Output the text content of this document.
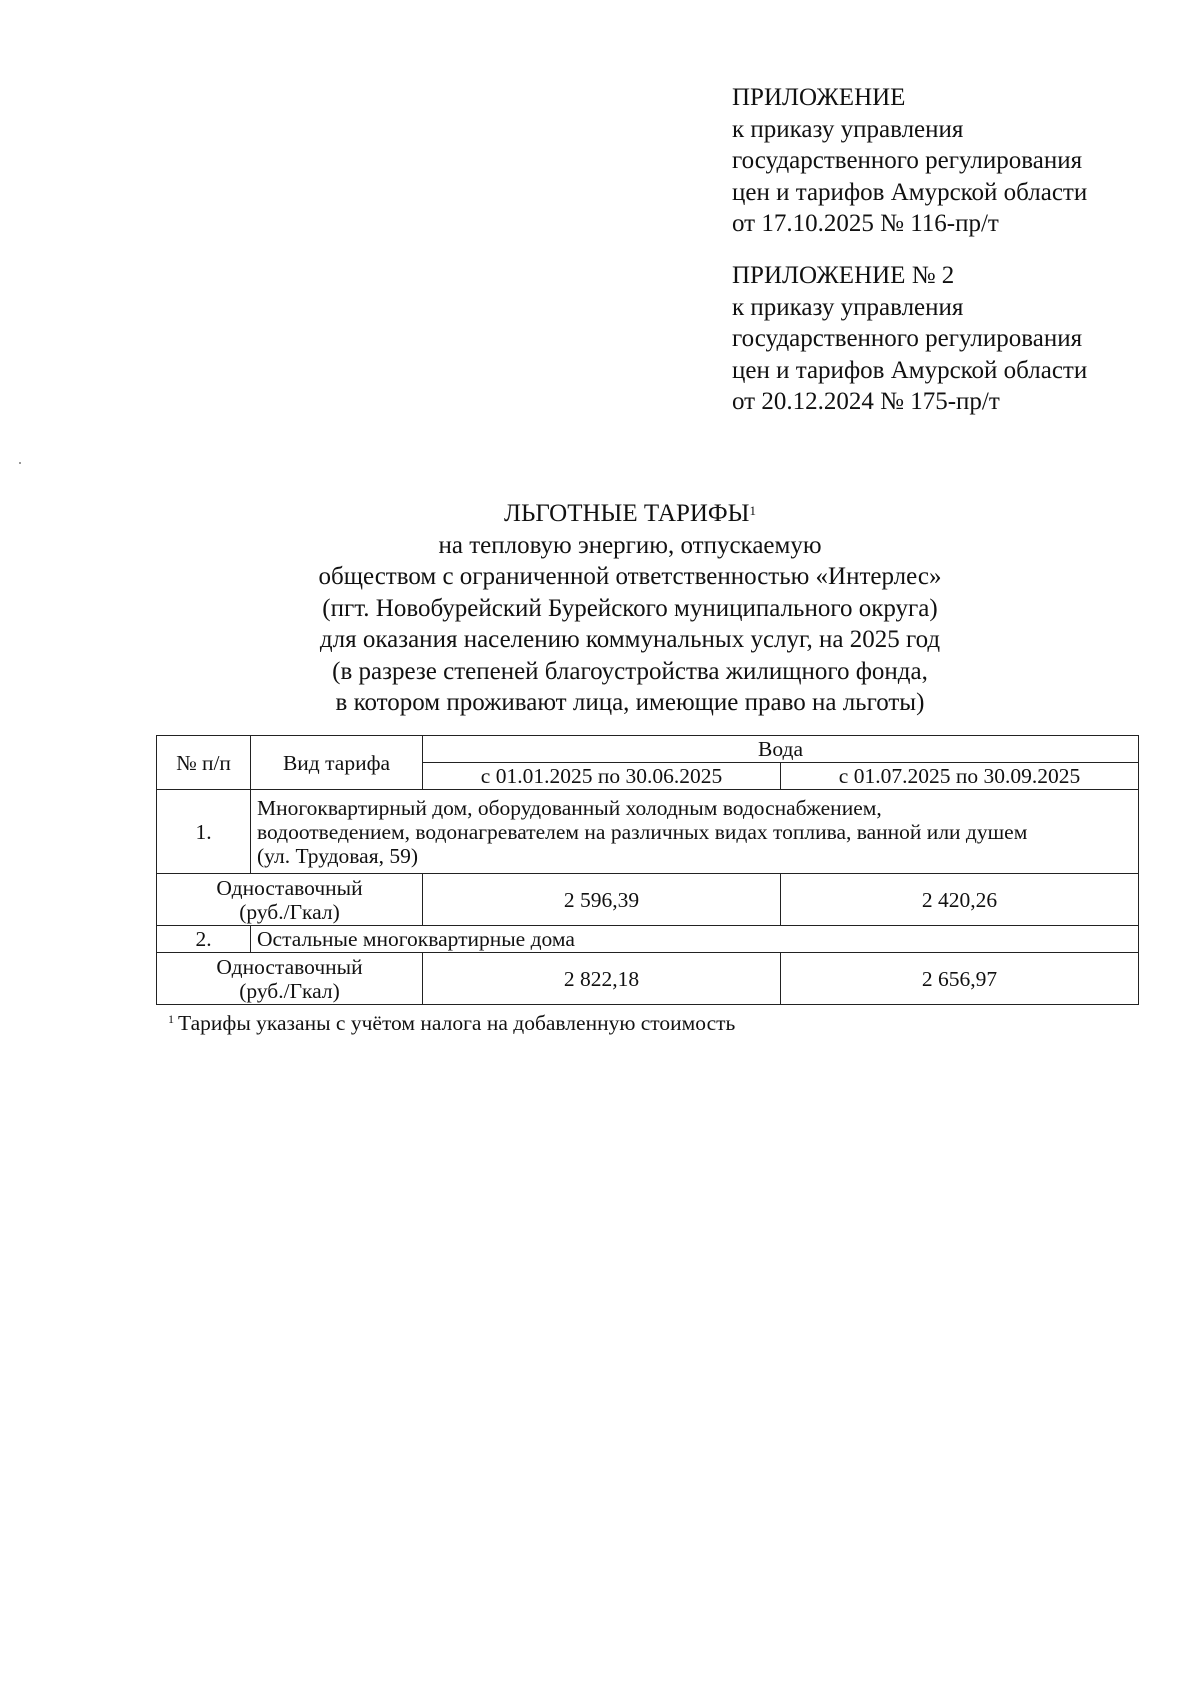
ПРИЛОЖЕНИЕ
к приказу управления
государственного регулирования
цен и тарифов Амурской области
от 17.10.2025 № 116-пр/т
ПРИЛОЖЕНИЕ № 2
к приказу управления
государственного регулирования
цен и тарифов Амурской области
от 20.12.2024 № 175-пр/т
ЛЬГОТНЫЕ ТАРИФЫ$^1$
на тепловую энергию, отпускаемую
обществом с ограниченной ответственностью «Интерлес»
(пгт. Новобурейский Бурейского муниципального округа)
для оказания населению коммунальных услуг, на 2025 год
(в разрезе степеней благоустройства жилищного фонда,
в котором проживают лица, имеющие право на льготы)
№ п/п	Вид тарифа	Вода	
		с 01.01.2025 по 30.06.2025	с 01.07.2025 по 30.09.2025
1.	Многоквартирный дом, оборудованный холодным водоснабжением,
водоотведением, водонагревателем на различных видах топлива, ванной или душем
(ул. Трудовая, 59)		

Одноставочный
(руб./Гкал)		2 596,39	2 420,26
2.	Остальные многоквартирные дома		

Одноставочный
(руб./Гкал)		2 822,18	2 656,97
$^1$ Тарифы указаны с учётом налога на добавленную стоимость
